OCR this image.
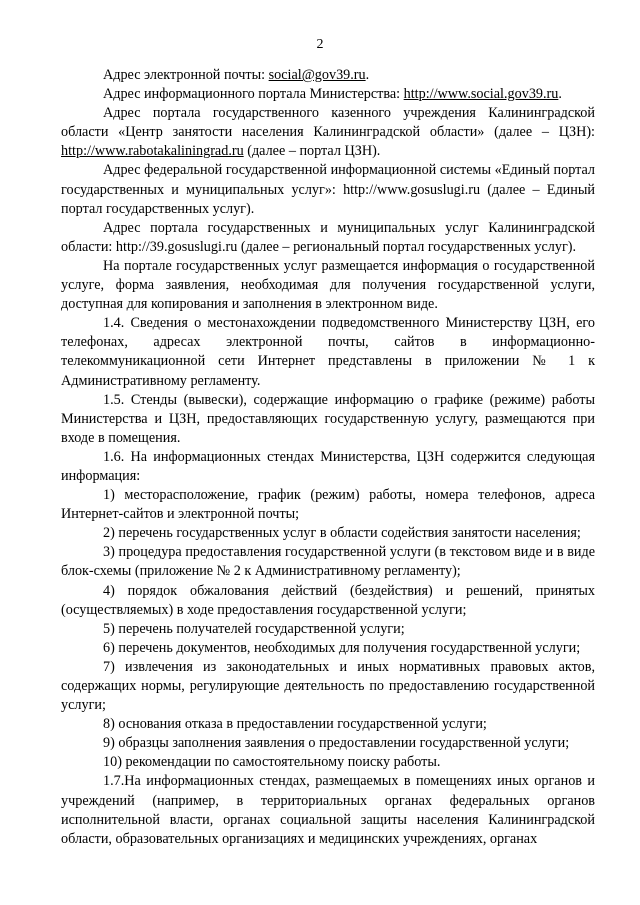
2

Адрес электронной почты: social@gov39.ru.

Адрес информационного портала Министерства: http://www.social.gov39.ru.

Адрес портала государственного казенного учреждения Калининградской области «Центр занятости населения Калининградской области» (далее – ЦЗН): http://www.rabotakaliningrad.ru (далее – портал ЦЗН).

Адрес федеральной государственной информационной системы «Единый портал государственных и муниципальных услуг»: http://www.gosuslugi.ru (далее – Единый портал государственных услуг).

Адрес портала государственных и муниципальных услуг Калининградской области: http://39.gosuslugi.ru (далее – региональный портал государственных услуг).

На портале государственных услуг размещается информация о государственной услуге, форма заявления, необходимая для получения государственной услуги, доступная для копирования и заполнения в электронном виде.

1.4. Сведения о местонахождении подведомственного Министерству ЦЗН, его телефонах, адресах электронной почты, сайтов в информационно-телекоммуникационной сети Интернет представлены в приложении № 1 к Административному регламенту.

1.5. Стенды (вывески), содержащие информацию о графике (режиме) работы Министерства и ЦЗН, предоставляющих государственную услугу, размещаются при входе в помещения.

1.6. На информационных стендах Министерства, ЦЗН содержится следующая информация:

1) месторасположение, график (режим) работы, номера телефонов, адреса Интернет-сайтов и электронной почты;

2) перечень государственных услуг в области содействия занятости населения;

3) процедура предоставления государственной услуги (в текстовом виде и в виде блок-схемы (приложение № 2 к Административному регламенту);

4) порядок обжалования действий (бездействия) и решений, принятых (осуществляемых) в ходе предоставления государственной услуги;

5) перечень получателей государственной услуги;

6) перечень документов, необходимых для получения государственной услуги;

7) извлечения из законодательных и иных нормативных правовых актов, содержащих нормы, регулирующие деятельность по предоставлению государственной услуги;

8) основания отказа в предоставлении государственной услуги;

9) образцы заполнения заявления о предоставлении государственной услуги;

10) рекомендации по самостоятельному поиску работы.

1.7.На информационных стендах, размещаемых в помещениях иных органов и учреждений (например, в территориальных органах федеральных органов исполнительной власти, органах социальной защиты населения Калининградской области, образовательных организациях и медицинских учреждениях, органах
